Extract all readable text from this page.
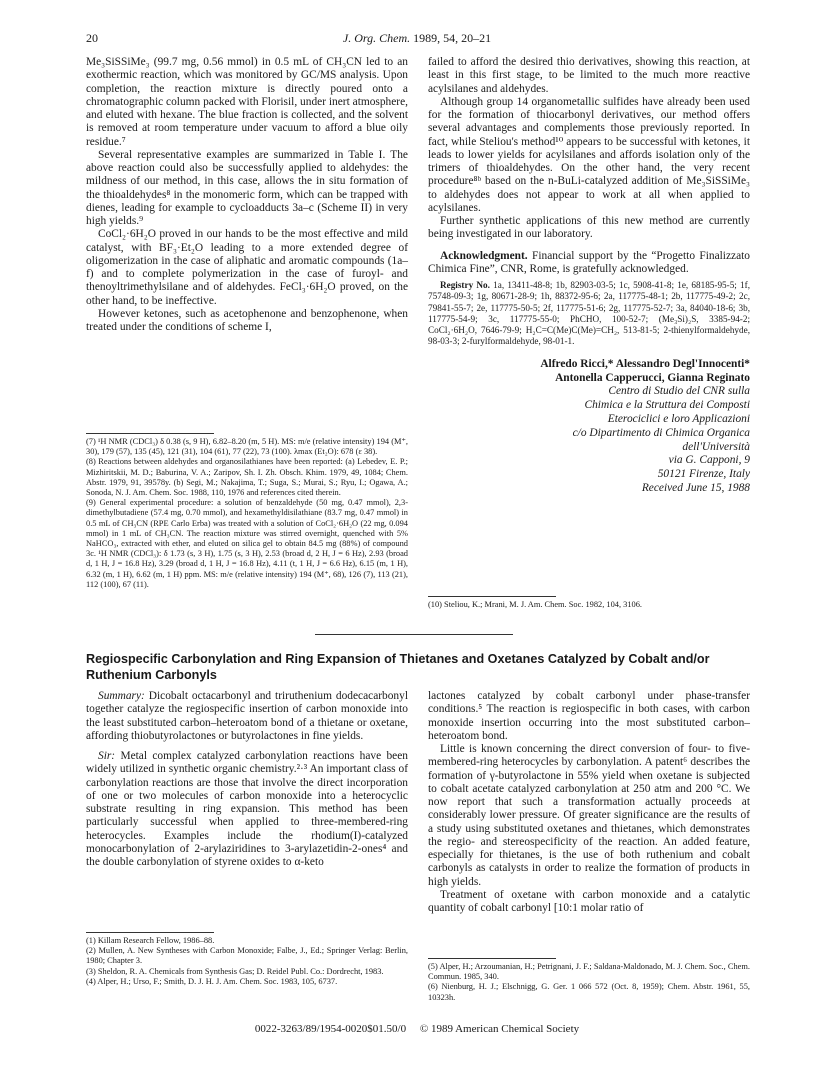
20	J. Org. Chem. 1989, 54, 20–21

Me₃SiSSiMe₃ (99.7 mg, 0.56 mmol) in 0.5 mL of CH₃CN led to an exothermic reaction, which was monitored by GC/MS analysis. Upon completion, the reaction mixture is directly poured onto a chromatographic column packed with Florisil, under inert atmosphere, and eluted with hexane. The blue fraction is collected, and the solvent is removed at room temperature under vacuum to afford a blue oily residue.⁷

Several representative examples are summarized in Table I. The above reaction could also be successfully applied to aldehydes: the mildness of our method, in this case, allows the in situ formation of the thioaldehydes⁸ in the monomeric form, which can be trapped with dienes, leading for example to cycloadducts 3a–c (Scheme II) in very high yields.⁹

CoCl₂·6H₂O proved in our hands to be the most effective and mild catalyst, with BF₃·Et₂O leading to a more extended degree of oligomerization in the case of aliphatic and aromatic compounds (1a–f) and to complete polymerization in the case of furoyl- and thenoyltrimethylsilane and of aldehydes. FeCl₃·6H₂O proved, on the other hand, to be ineffective.

However ketones, such as acetophenone and benzophenone, when treated under the conditions of scheme I,

(7) ¹H NMR (CDCl₃) δ 0.38 (s, 9 H), 6.82–8.20 (m, 5 H). MS: m/e (relative intensity) 194 (M⁺, 30), 179 (57), 135 (45), 121 (31), 104 (61), 77 (22), 73 (100). λmax (Et₂O): 678 (ε 38).

(8) Reactions between aldehydes and organosilathianes have been reported: (a) Lebedev, E. P.; Mizhiritskii, M. D.; Baburina, V. A.; Zaripov, Sh. I. Zh. Obsch. Khim. 1979, 49, 1084; Chem. Abstr. 1979, 91, 39578y. (b) Segi, M.; Nakajima, T.; Suga, S.; Murai, S.; Ryu, I.; Ogawa, A.; Sonoda, N. J. Am. Chem. Soc. 1988, 110, 1976 and references cited therein.

(9) General experimental procedure: a solution of benzaldehyde (50 mg, 0.47 mmol), 2,3-dimethylbutadiene (57.4 mg, 0.70 mmol), and hexamethyldisilathiane (83.7 mg, 0.47 mmol) in 0.5 mL of CH₃CN (RPE Carlo Erba) was treated with a solution of CoCl₂·6H₂O (22 mg, 0.094 mmol) in 1 mL of CH₃CN. The reaction mixture was stirred overnight, quenched with 5% NaHCO₃, extracted with ether, and eluted on silica gel to obtain 84.5 mg (88%) of compound 3c. ¹H NMR (CDCl₃): δ 1.73 (s, 3 H), 1.75 (s, 3 H), 2.53 (broad d, 2 H, J = 6 Hz), 2.93 (broad d, 1 H, J = 16.8 Hz), 3.29 (broad d, 1 H, J = 16.8 Hz), 4.11 (t, 1 H, J = 6.6 Hz), 6.15 (m, 1 H), 6.32 (m, 1 H), 6.62 (m, 1 H) ppm. MS: m/e (relative intensity) 194 (M⁺, 68), 126 (7), 113 (21), 112 (100), 67 (11).

failed to afford the desired thio derivatives, showing this reaction, at least in this first stage, to be limited to the much more reactive acylsilanes and aldehydes.

Although group 14 organometallic sulfides have already been used for the formation of thiocarbonyl derivatives, our method offers several advantages and complements those previously reported. In fact, while Steliou's method¹⁰ appears to be successful with ketones, it leads to lower yields for acylsilanes and affords isolation only of the trimers of thioaldehydes. On the other hand, the very recent procedure⁸ᵇ based on the n-BuLi-catalyzed addition of Me₃SiSSiMe₃ to aldehydes does not appear to work at all when applied to acylsilanes.

Further synthetic applications of this new method are currently being investigated in our laboratory.

Acknowledgment. Financial support by the “Progetto Finalizzato Chimica Fine”, CNR, Rome, is gratefully acknowledged.
Registry No. 1a, 13411-48-8; 1b, 82903-03-5; 1c, 5908-41-8; 1e, 68185-95-5; 1f, 75748-09-3; 1g, 80671-28-9; 1h, 88372-95-6; 2a, 117775-48-1; 2b, 117775-49-2; 2c, 79841-55-7; 2e, 117775-50-5; 2f, 117775-51-6; 2g, 117775-52-7; 3a, 84040-18-6; 3b, 117775-54-9; 3c, 117775-55-0; PhCHO, 100-52-7; (Me₃Si)₂S, 3385-94-2; CoCl₂·6H₂O, 7646-79-9; H₂C=C(Me)C(Me)=CH₂, 513-81-5; 2-thienylformaldehyde, 98-03-3; 2-furylformaldehyde, 98-01-1.
Alfredo Ricci,* Alessandro Degl'Innocenti*
Antonella Capperucci, Gianna Reginato
Centro di Studio del CNR sulla
Chimica e la Struttura dei Composti
Eterociclici e loro Applicazioni
c/o Dipartimento di Chimica Organica
dell'Università
via G. Capponi, 9
50121 Firenze, Italy
Received June 15, 1988

(10) Steliou, K.; Mrani, M. J. Am. Chem. Soc. 1982, 104, 3106.

Regiospecific Carbonylation and Ring Expansion of Thietanes and Oxetanes Catalyzed by Cobalt and/or Ruthenium Carbonyls

Summary: Dicobalt octacarbonyl and triruthenium dodecacarbonyl together catalyze the regiospecific insertion of carbon monoxide into the least substituted carbon–heteroatom bond of a thietane or oxetane, affording thiobutyrolactones or butyrolactones in fine yields.

Sir: Metal complex catalyzed carbonylation reactions have been widely utilized in synthetic organic chemistry.²·³ An important class of carbonylation reactions are those that involve the direct incorporation of one or two molecules of carbon monoxide into a heterocyclic substrate resulting in ring expansion. This method has been particularly successful when applied to three-membered-ring heterocycles. Examples include the rhodium(I)-catalyzed monocarbonylation of 2-arylaziridines to 3-arylazetidin-2-ones⁴ and the double carbonylation of styrene oxides to α-keto

(1) Killam Research Fellow, 1986–88.

(2) Mullen, A. New Syntheses with Carbon Monoxide; Falbe, J., Ed.; Springer Verlag: Berlin, 1980; Chapter 3.

(3) Sheldon, R. A. Chemicals from Synthesis Gas; D. Reidel Publ. Co.: Dordrecht, 1983.

(4) Alper, H.; Urso, F.; Smith, D. J. H. J. Am. Chem. Soc. 1983, 105, 6737.

lactones catalyzed by cobalt carbonyl under phase-transfer conditions.⁵ The reaction is regiospecific in both cases, with carbon monoxide insertion occurring into the most substituted carbon–heteroatom bond.

Little is known concerning the direct conversion of four- to five-membered-ring heterocycles by carbonylation. A patent⁶ describes the formation of γ-butyrolactone in 55% yield when oxetane is subjected to cobalt acetate catalyzed carbonylation at 250 atm and 200 °C. We now report that such a transformation actually proceeds at considerably lower pressure. Of greater significance are the results of a study using substituted oxetanes and thietanes, which demonstrates the regio- and stereospecificity of the reaction. An added feature, especially for thietanes, is the use of both ruthenium and cobalt carbonyls as catalysts in order to realize the formation of products in high yields.

Treatment of oxetane with carbon monoxide and a catalytic quantity of cobalt carbonyl [10:1 molar ratio of

(5) Alper, H.; Arzoumanian, H.; Petrignani, J. F.; Saldana-Maldonado, M. J. Chem. Soc., Chem. Commun. 1985, 340.

(6) Nienburg, H. J.; Elschnigg, G. Ger. 1 066 572 (Oct. 8, 1959); Chem. Abstr. 1961, 55, 10323h.

0022-3263/89/1954-0020$01.50/0 © 1989 American Chemical Society
